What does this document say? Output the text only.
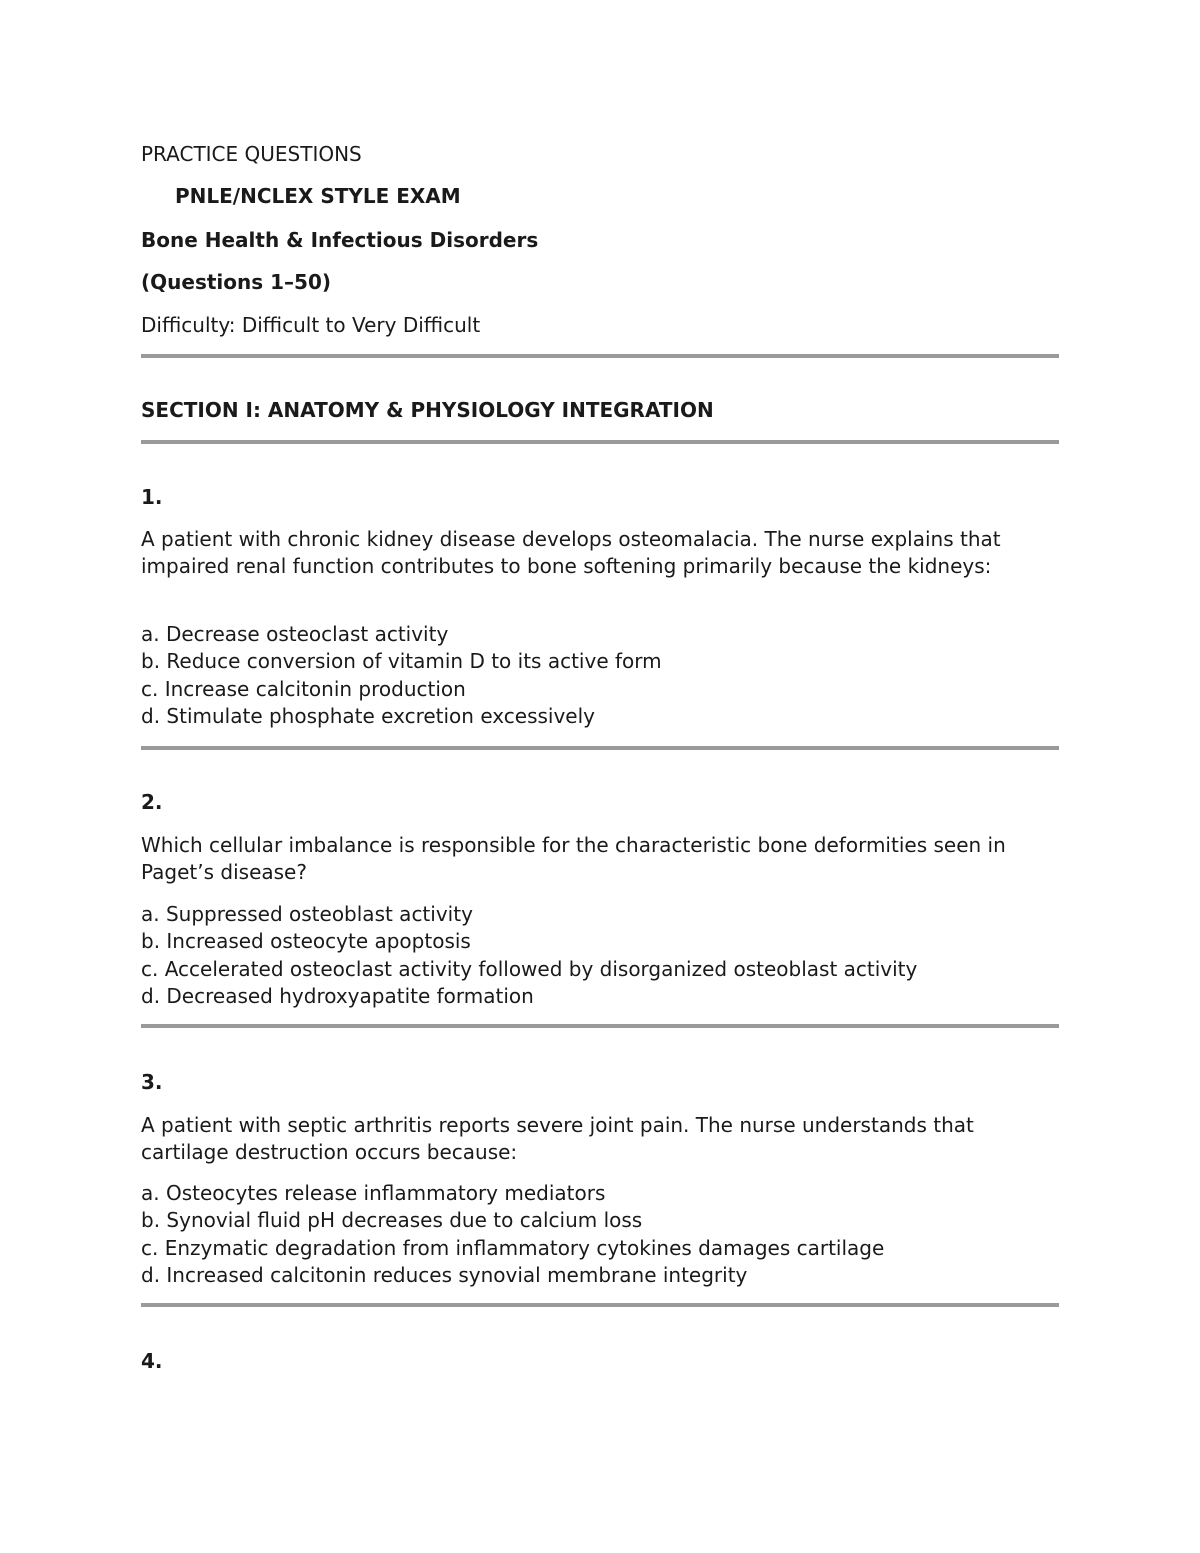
PRACTICE QUESTIONS

PNLE/NCLEX STYLE EXAM

Bone Health & Infectious Disorders

(Questions 1–50)

Difficulty: Difficult to Very Difficult

SECTION I: ANATOMY & PHYSIOLOGY INTEGRATION

1.

A patient with chronic kidney disease develops osteomalacia. The nurse explains that impaired renal function contributes to bone softening primarily because the kidneys:

a. Decrease osteoclast activity
b. Reduce conversion of vitamin D to its active form
c. Increase calcitonin production
d. Stimulate phosphate excretion excessively
2.

Which cellular imbalance is responsible for the characteristic bone deformities seen in Paget’s disease?

a. Suppressed osteoblast activity
b. Increased osteocyte apoptosis
c. Accelerated osteoclast activity followed by disorganized osteoblast activity
d. Decreased hydroxyapatite formation
3.

A patient with septic arthritis reports severe joint pain. The nurse understands that cartilage destruction occurs because:

a. Osteocytes release inflammatory mediators
b. Synovial fluid pH decreases due to calcium loss
c. Enzymatic degradation from inflammatory cytokines damages cartilage
d. Increased calcitonin reduces synovial membrane integrity
4.
